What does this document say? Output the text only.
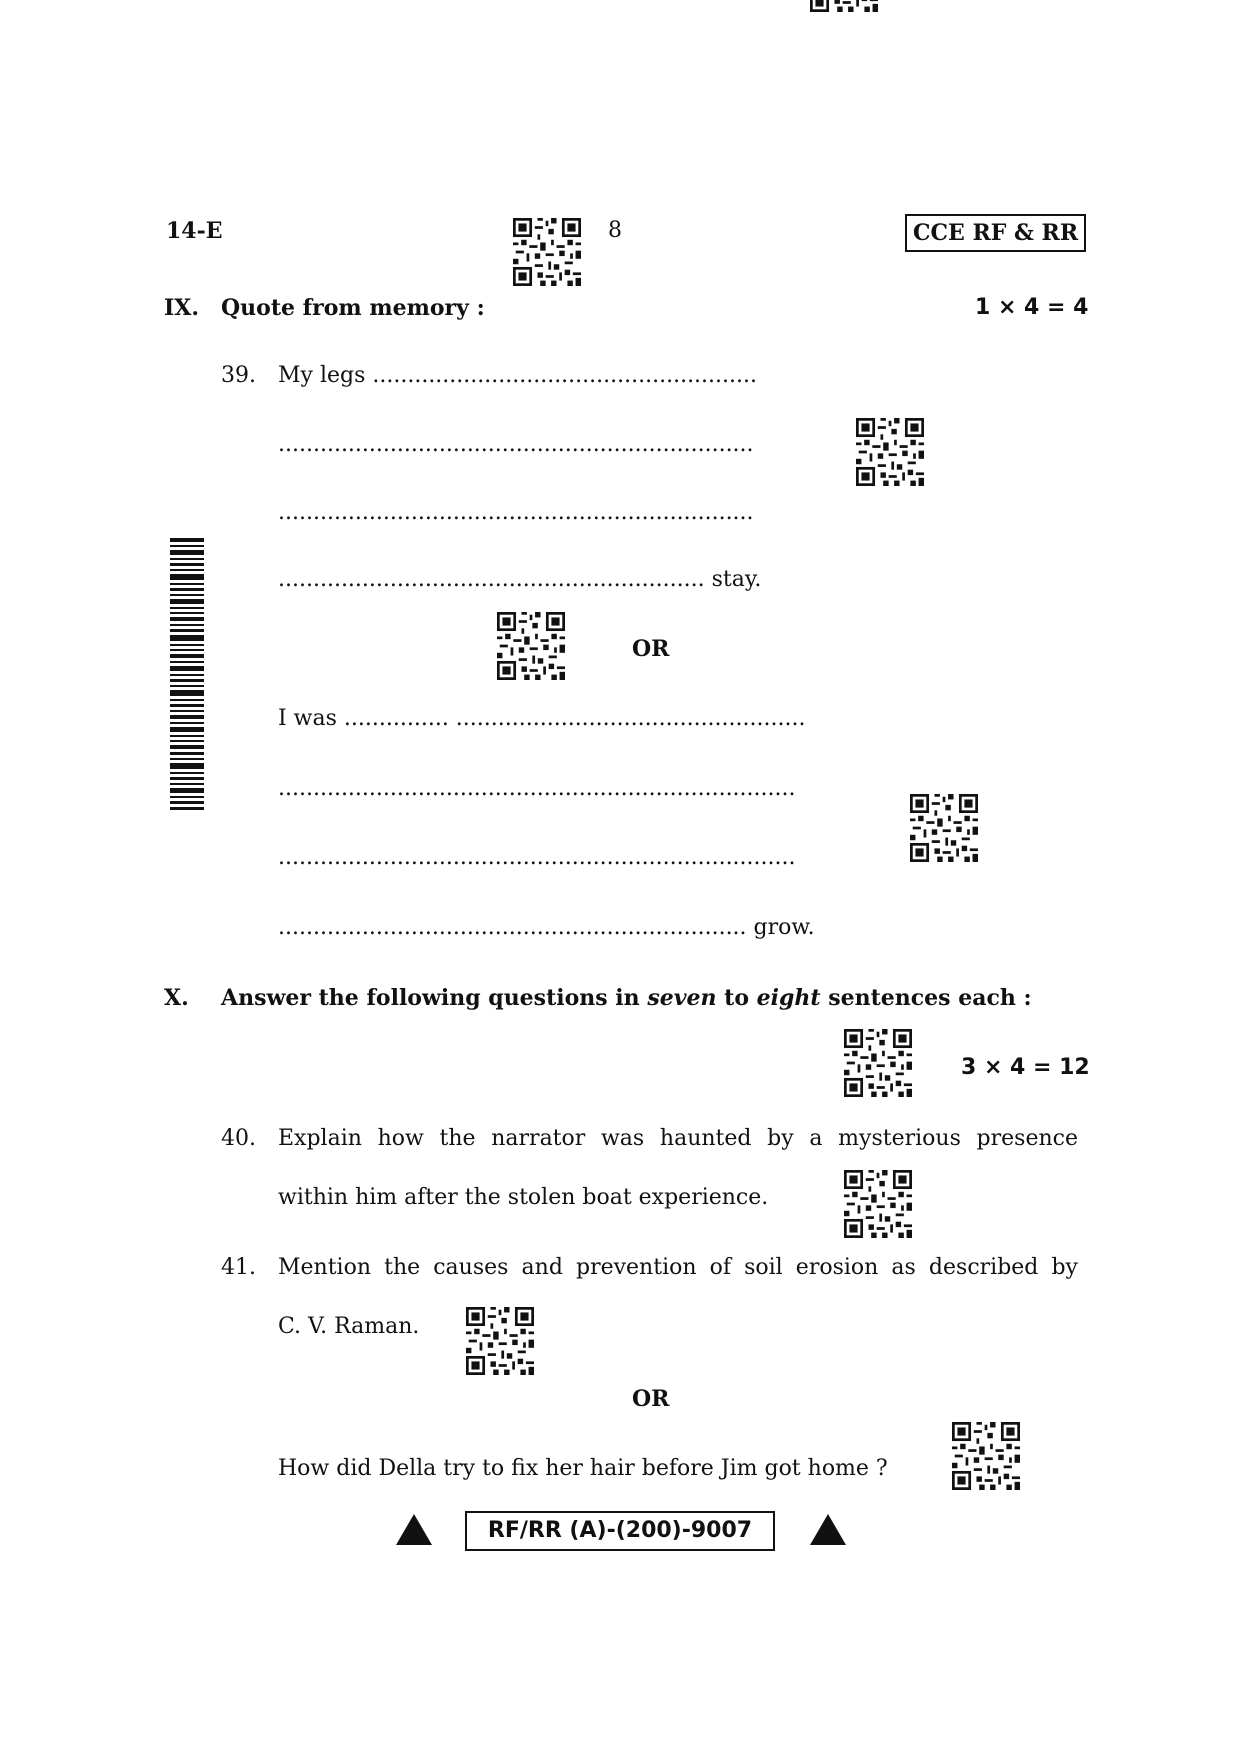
14-E	8	CCE RF & RR
IX. Quote from memory :	1 × 4 = 4
39. My legs .......................................................
....................................................................
....................................................................
............................................................. stay.
OR
I was ............... ..................................................
..........................................................................
..........................................................................
................................................................... grow.
X. Answer the following questions in seven to eight sentences each :
3 × 4 = 12
40. Explain how the narrator was haunted by a mysterious presence
within him after the stolen boat experience.
41. Mention the causes and prevention of soil erosion as described by
C. V. Raman.
OR
How did Della try to fix her hair before Jim got home ?
RF/RR (A)-(200)-9007
